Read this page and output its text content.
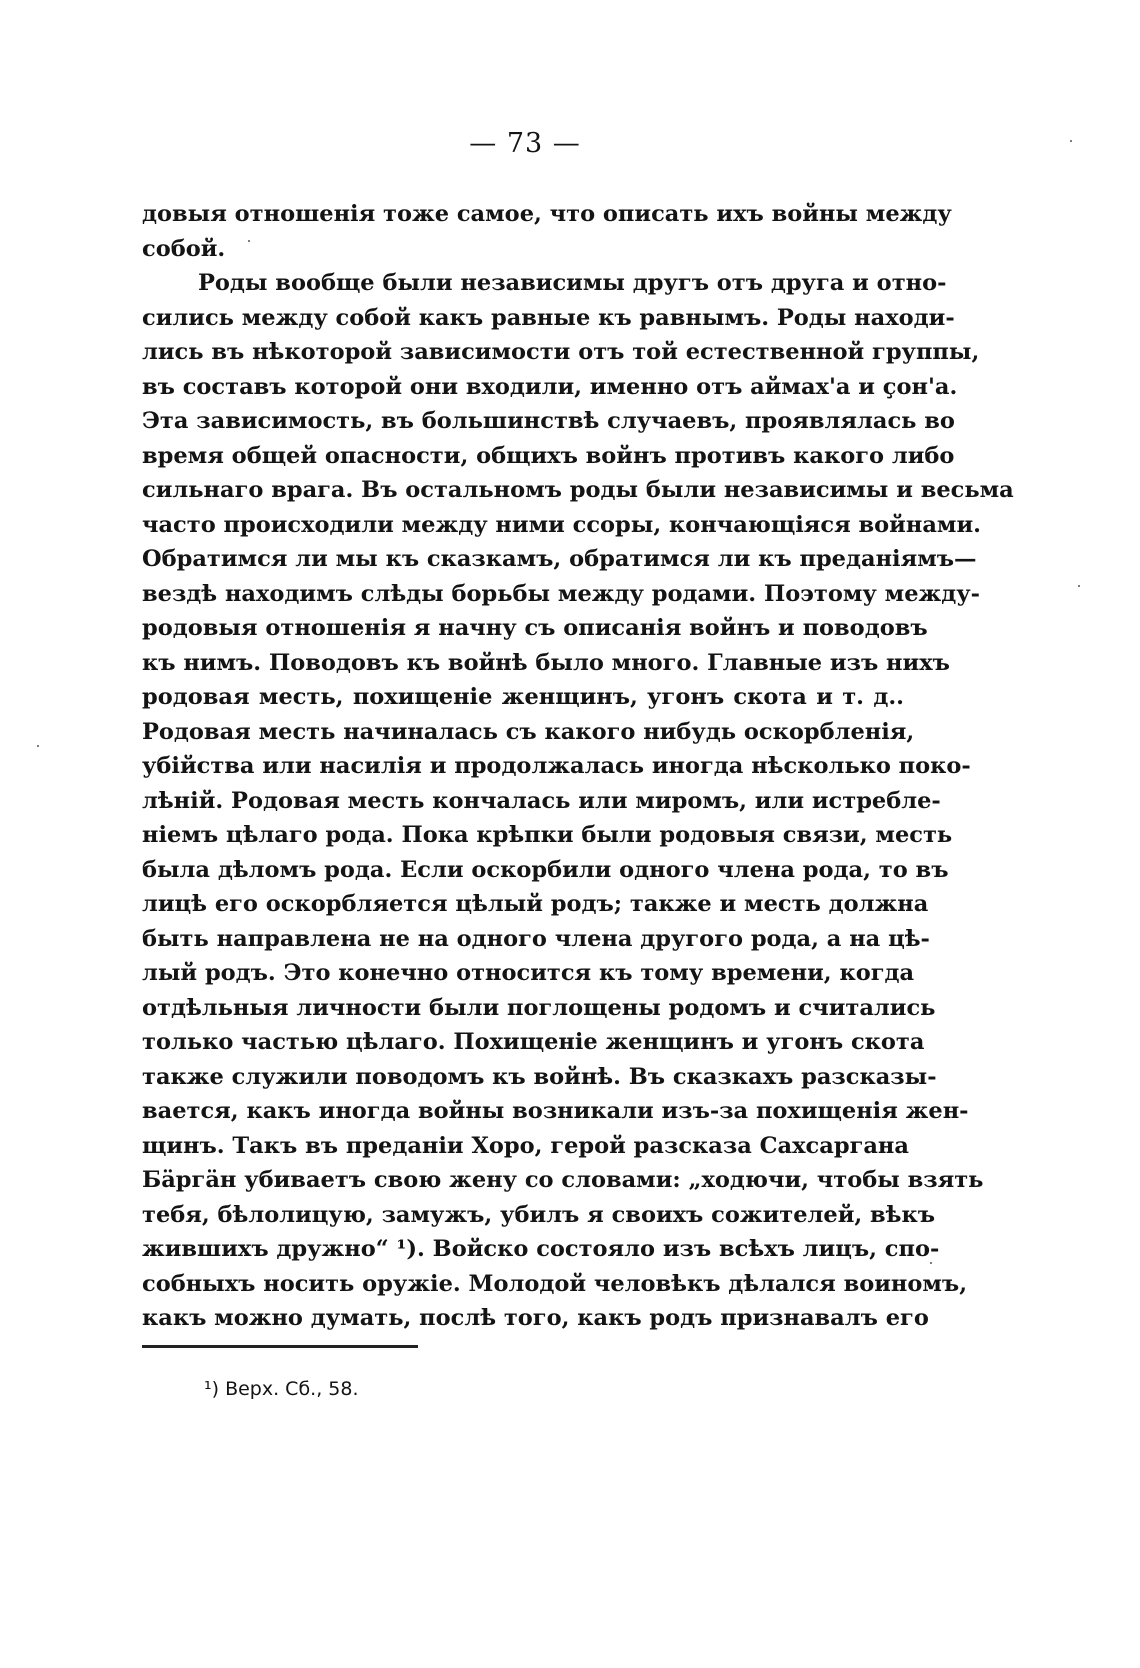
— 73 —
довыя отношенiя тоже самое, что описать ихъ войны между
собой.
Роды вообще были независимы другъ отъ друга и отно-
сились между собой какъ равные къ равнымъ. Роды находи-
лись въ нѣкоторой зависимости отъ той естественной группы,
въ составъ которой они входили, именно отъ аймах'а и ҫон'а.
Эта зависимость, въ большинствѣ случаевъ, проявлялась во
время общей опасности, общихъ войнъ противъ какого либо
сильнаго врага. Въ остальномъ роды были независимы и весьма
часто происходили между ними ссоры, кончающiяся войнами.
Обратимся ли мы къ сказкамъ, обратимся ли къ преданiямъ—
вездѣ находимъ слѣды борьбы между родами. Поэтому между-
родовыя отношенiя я начну съ описанiя войнъ и поводовъ
къ нимъ. Поводовъ къ войнѣ было много. Главные изъ нихъ
родовая месть, похищенiе женщинъ, угонъ скота и т. д..
Родовая месть начиналась съ какого нибудь оскорбленiя,
убiйства или насилiя и продолжалась иногда нѣсколько поко-
лѣнiй. Родовая месть кончалась или миромъ, или истребле-
нiемъ цѣлаго рода. Пока крѣпки были родовыя связи, месть
была дѣломъ рода. Если оскорбили одного члена рода, то въ
лицѣ его оскорбляется цѣлый родъ; также и месть должна
быть направлена не на одного члена другого рода, а на цѣ-
лый родъ. Это конечно относится къ тому времени, когда
отдѣльныя личности были поглощены родомъ и считались
только частью цѣлаго. Похищенiе женщинъ и угонъ скота
также служили поводомъ къ войнѣ. Въ сказкахъ разсказы-
вается, какъ иногда войны возникали изъ-за похищенiя жен-
щинъ. Такъ въ преданiи Хоро, герой разсказа Сахсаргана
Бäргäн убиваетъ свою жену со словами: „ходючи, чтобы взять
тебя, бѣлолицую, замужъ, убилъ я своихъ сожителей, вѣкъ
жившихъ дружно“ ¹). Войско состояло изъ всѣхъ лицъ, спо-
собныхъ носить оружiе. Молодой человѣкъ дѣлался воиномъ,
какъ можно думать, послѣ того, какъ родъ признавалъ его
¹) Верх. Сб., 58.
